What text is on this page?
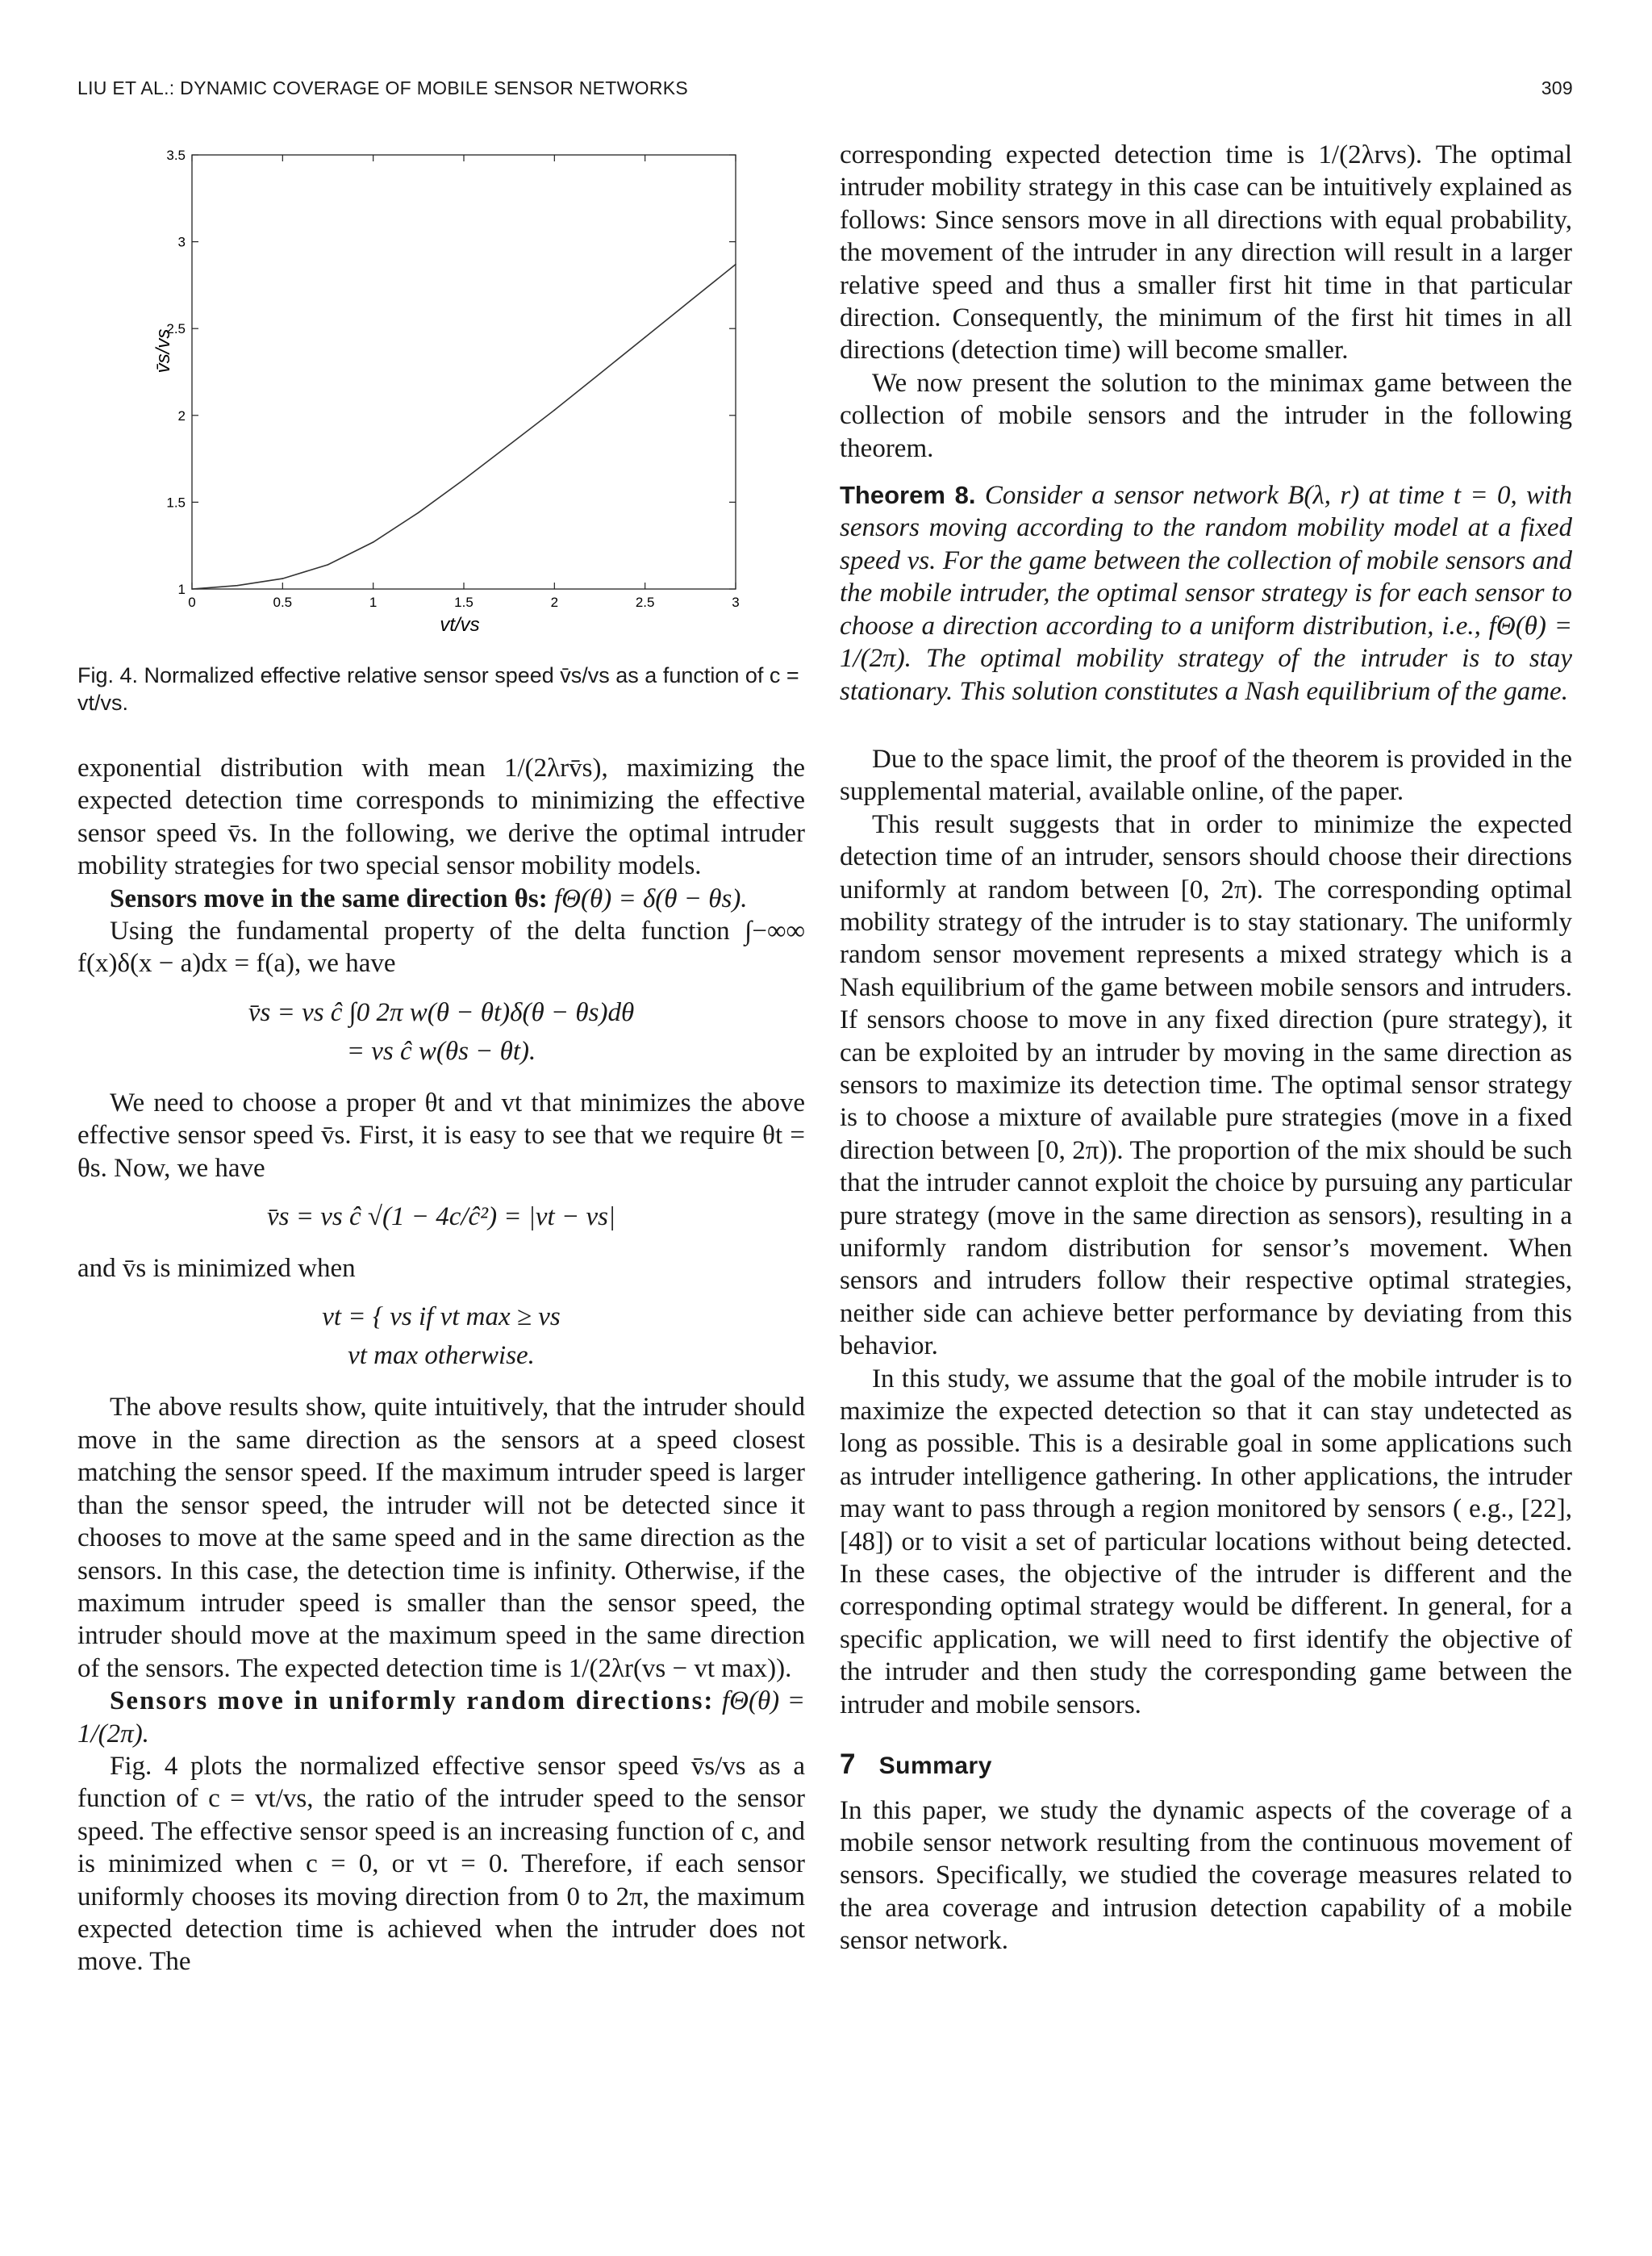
LIU ET AL.: DYNAMIC COVERAGE OF MOBILE SENSOR NETWORKS	309
0	0.5	1	1.5	2	2.5	3
1
1.5
2
2.5
3
3.5
vt/vs
v̄s/vs
Fig. 4. Normalized effective relative sensor speed v̄s/vs as a function of c = vt/vs.

exponential distribution with mean 1/(2λrv̄s), maximizing the expected detection time corresponds to minimizing the effective sensor speed v̄s. In the following, we derive the optimal intruder mobility strategies for two special sensor mobility models.

Sensors move in the same direction θs: fΘ(θ) = δ(θ − θs).

Using the fundamental property of the delta function ∫−∞∞ f(x)δ(x − a)dx = f(a), we have

v̄s = vs ĉ ∫0 2π w(θ − θt)δ(θ − θs)dθ
= vs ĉ w(θs − θt).

We need to choose a proper θt and vt that minimizes the above effective sensor speed v̄s. First, it is easy to see that we require θt = θs. Now, we have

v̄s = vs ĉ √(1 − 4c/ĉ²) = |vt − vs|

and v̄s is minimized when

vt = { vs if vt max ≥ vs
vt max otherwise.

The above results show, quite intuitively, that the intruder should move in the same direction as the sensors at a speed closest matching the sensor speed. If the maximum intruder speed is larger than the sensor speed, the intruder will not be detected since it chooses to move at the same speed and in the same direction as the sensors. In this case, the detection time is infinity. Otherwise, if the maximum intruder speed is smaller than the sensor speed, the intruder should move at the maximum speed in the same direction of the sensors. The expected detection time is 1/(2λr(vs − vt max)).

Sensors move in uniformly random directions: fΘ(θ) = 1/(2π).

Fig. 4 plots the normalized effective sensor speed v̄s/vs as a function of c = vt/vs, the ratio of the intruder speed to the sensor speed. The effective sensor speed is an increasing function of c, and is minimized when c = 0, or vt = 0. Therefore, if each sensor uniformly chooses its moving direction from 0 to 2π, the maximum expected detection time is achieved when the intruder does not move. The

corresponding expected detection time is 1/(2λrvs). The optimal intruder mobility strategy in this case can be intuitively explained as follows: Since sensors move in all directions with equal probability, the movement of the intruder in any direction will result in a larger relative speed and thus a smaller first hit time in that particular direction. Consequently, the minimum of the first hit times in all directions (detection time) will become smaller.

We now present the solution to the minimax game between the collection of mobile sensors and the intruder in the following theorem.

Theorem 8. Consider a sensor network B(λ, r) at time t = 0, with sensors moving according to the random mobility model at a fixed speed vs. For the game between the collection of mobile sensors and the mobile intruder, the optimal sensor strategy is for each sensor to choose a direction according to a uniform distribution, i.e., fΘ(θ) = 1/(2π). The optimal mobility strategy of the intruder is to stay stationary. This solution constitutes a Nash equilibrium of the game.

Due to the space limit, the proof of the theorem is provided in the supplemental material, available online, of the paper.

This result suggests that in order to minimize the expected detection time of an intruder, sensors should choose their directions uniformly at random between [0, 2π). The corresponding optimal mobility strategy of the intruder is to stay stationary. The uniformly random sensor movement represents a mixed strategy which is a Nash equilibrium of the game between mobile sensors and intruders. If sensors choose to move in any fixed direction (pure strategy), it can be exploited by an intruder by moving in the same direction as sensors to maximize its detection time. The optimal sensor strategy is to choose a mixture of available pure strategies (move in a fixed direction between [0, 2π)). The proportion of the mix should be such that the intruder cannot exploit the choice by pursuing any particular pure strategy (move in the same direction as sensors), resulting in a uniformly random distribution for sensor’s movement. When sensors and intruders follow their respective optimal strategies, neither side can achieve better performance by deviating from this behavior.

In this study, we assume that the goal of the mobile intruder is to maximize the expected detection so that it can stay undetected as long as possible. This is a desirable goal in some applications such as intruder intelligence gathering. In other applications, the intruder may want to pass through a region monitored by sensors ( e.g., [22], [48]) or to visit a set of particular locations without being detected. In these cases, the objective of the intruder is different and the corresponding optimal strategy would be different. In general, for a specific application, we will need to first identify the objective of the intruder and then study the corresponding game between the intruder and mobile sensors.

7 Summary

In this paper, we study the dynamic aspects of the coverage of a mobile sensor network resulting from the continuous movement of sensors. Specifically, we studied the coverage measures related to the area coverage and intrusion detection capability of a mobile sensor network.
